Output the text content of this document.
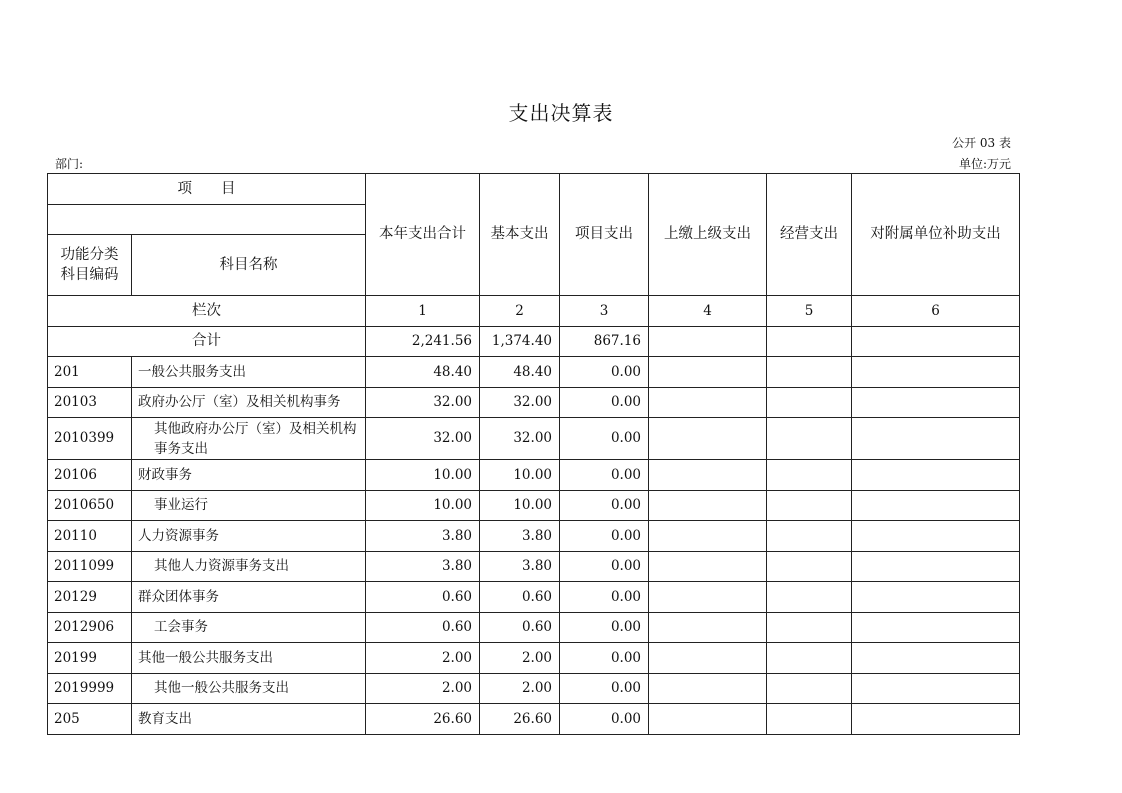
支出决算表
公开 03 表
部门:	单位:万元
项　　目		本年支出合计	基本支出	项目支出	上缴上级支出	经营支出	对附属单位补助支出

功能分类
科目编码	科目名称						
栏次		1	2	3	4	5	6
合计		2,241.56	1,374.40	867.16			
201	一般公共服务支出	48.40	48.40	0.00			
20103	政府办公厅（室）及相关机构事务	32.00	32.00	0.00			
2010399	其他政府办公厅（室）及相关机构事务支出	32.00	32.00	0.00			
20106	财政事务	10.00	10.00	0.00			
2010650	事业运行	10.00	10.00	0.00			
20110	人力资源事务	3.80	3.80	0.00			
2011099	其他人力资源事务支出	3.80	3.80	0.00			
20129	群众团体事务	0.60	0.60	0.00			
2012906	工会事务	0.60	0.60	0.00			
20199	其他一般公共服务支出	2.00	2.00	0.00			
2019999	其他一般公共服务支出	2.00	2.00	0.00			
205	教育支出	26.60	26.60	0.00			
